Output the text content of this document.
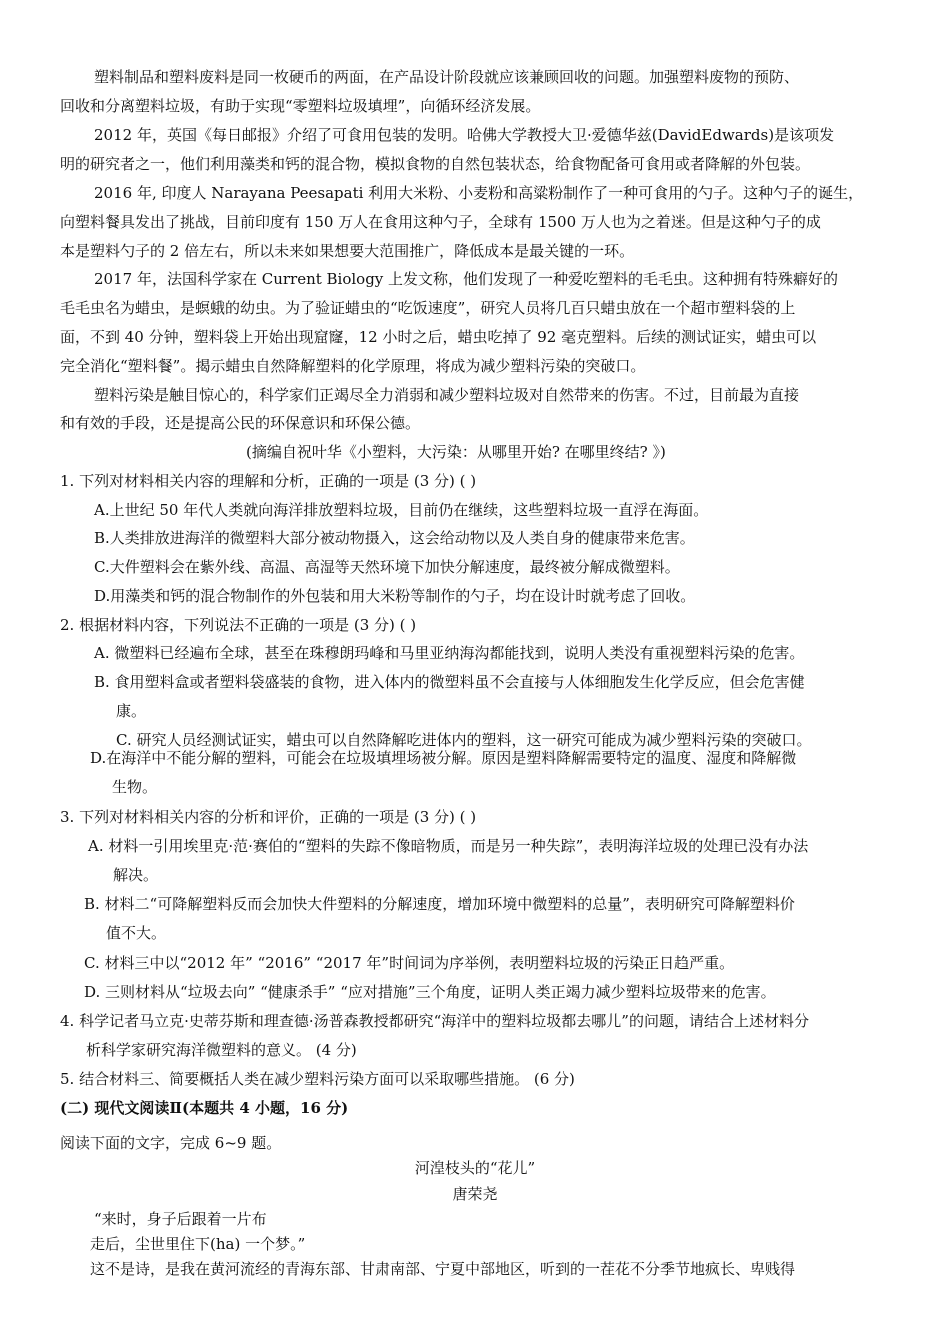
塑料制品和塑料废料是同一枚硬币的两面，在产品设计阶段就应该兼顾回收的问题。加强塑料废物的预防、
回收和分离塑料垃圾，有助于实现“零塑料垃圾填埋”，向循环经济发展。
2012 年，英国《每日邮报》介绍了可食用包装的发明。哈佛大学教授大卫·爱德华兹(DavidEdwards)是该项发
明的研究者之一，他们利用藻类和钙的混合物，模拟食物的自然包装状态，给食物配备可食用或者降解的外包装。
2016 年, 印度人 Narayana Peesapati 利用大米粉、小麦粉和高粱粉制作了一种可食用的勺子。这种勺子的诞生，
向塑料餐具发出了挑战，目前印度有 150 万人在食用这种勺子，全球有 1500 万人也为之着迷。但是这种勺子的成
本是塑料勺子的 2 倍左右，所以未来如果想要大范围推广，降低成本是最关键的一环。
2017 年，法国科学家在 Current Biology 上发文称，他们发现了一种爱吃塑料的毛毛虫。这种拥有特殊癖好的
毛毛虫名为蜡虫，是螟蛾的幼虫。为了验证蜡虫的“吃饭速度”，研究人员将几百只蜡虫放在一个超市塑料袋的上
面，不到 40 分钟，塑料袋上开始出现窟窿，12 小时之后，蜡虫吃掉了 92 毫克塑料。后续的测试证实，蜡虫可以
完全消化“塑料餐”。揭示蜡虫自然降解塑料的化学原理，将成为减少塑料污染的突破口。
塑料污染是触目惊心的，科学家们正竭尽全力消弱和减少塑料垃圾对自然带来的伤害。不过，目前最为直接
和有效的手段，还是提高公民的环保意识和环保公德。
(摘编自祝叶华《小塑料，大污染：从哪里开始? 在哪里终结? 》)
1. 下列对材料相关内容的理解和分析，正确的一项是 (3 分) ( )
A.上世纪 50 年代人类就向海洋排放塑料垃圾，目前仍在继续，这些塑料垃圾一直浮在海面。
B.人类排放进海洋的微塑料大部分被动物摄入，这会给动物以及人类自身的健康带来危害。
C.大件塑料会在紫外线、高温、高湿等天然环境下加快分解速度，最终被分解成微塑料。
D.用藻类和钙的混合物制作的外包装和用大米粉等制作的勺子，均在设计时就考虑了回收。
2. 根据材料内容，下列说法不正确的一项是 (3 分) ( )
A. 微塑料已经遍布全球，甚至在珠穆朗玛峰和马里亚纳海沟都能找到，说明人类没有重视塑料污染的危害。
B. 食用塑料盒或者塑料袋盛装的食物，进入体内的微塑料虽不会直接与人体细胞发生化学反应，但会危害健
康。
C. 研究人员经测试证实，蜡虫可以自然降解吃进体内的塑料，这一研究可能成为减少塑料污染的突破口。
D.在海洋中不能分解的塑料，可能会在垃圾填埋场被分解。原因是塑料降解需要特定的温度、湿度和降解微
生物。
3. 下列对材料相关内容的分析和评价，正确的一项是 (3 分) ( )
A. 材料一引用埃里克·范·赛伯的“塑料的失踪不像暗物质，而是另一种失踪”，表明海洋垃圾的处理已没有办法
解决。
B. 材料二“可降解塑料反而会加快大件塑料的分解速度，增加环境中微塑料的总量”，表明研究可降解塑料价
值不大。
C. 材料三中以“2012 年” “2016” “2017 年”时间词为序举例，表明塑料垃圾的污染正日趋严重。
D. 三则材料从“垃圾去向” “健康杀手” “应对措施”三个角度，证明人类正竭力减少塑料垃圾带来的危害。
4. 科学记者马立克·史蒂芬斯和理查德·汤普森教授都研究“海洋中的塑料垃圾都去哪儿”的问题，请结合上述材料分
析科学家研究海洋微塑料的意义。 (4 分)
5. 结合材料三、简要概括人类在减少塑料污染方面可以采取哪些措施。 (6 分)
(二) 现代文阅读Ⅱ(本题共 4 小题，16 分)
阅读下面的文字，完成 6~9 题。
河湟枝头的“花儿”
唐荣尧
“来时，身子后跟着一片布
走后，尘世里住下(ha) 一个梦。”
这不是诗，是我在黄河流经的青海东部、甘肃南部、宁夏中部地区，听到的一茬花不分季节地疯长、卑贱得
